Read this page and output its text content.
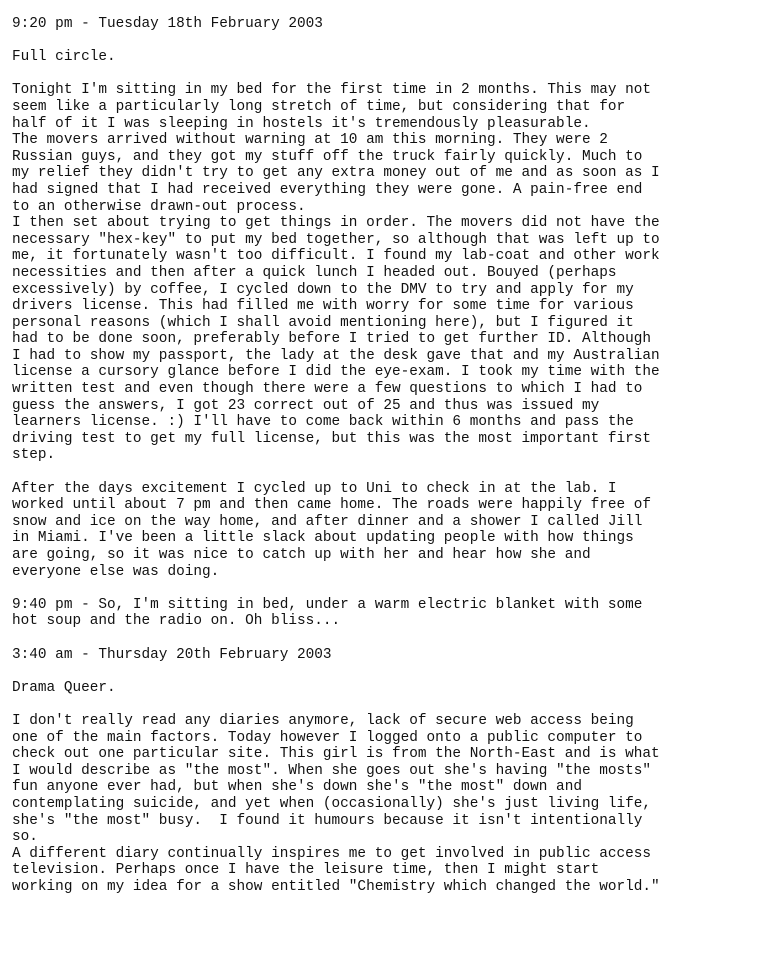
9:20 pm - Tuesday 18th February 2003
Full circle.
Tonight I'm sitting in my bed for the first time in 2 months. This may not
seem like a particularly long stretch of time, but considering that for
half of it I was sleeping in hostels it's tremendously pleasurable.
The movers arrived without warning at 10 am this morning. They were 2
Russian guys, and they got my stuff off the truck fairly quickly. Much to
my relief they didn't try to get any extra money out of me and as soon as I
had signed that I had received everything they were gone. A pain-free end
to an otherwise drawn-out process.
I then set about trying to get things in order. The movers did not have the
necessary "hex-key" to put my bed together, so although that was left up to
me, it fortunately wasn't too difficult. I found my lab-coat and other work
necessities and then after a quick lunch I headed out. Bouyed (perhaps
excessively) by coffee, I cycled down to the DMV to try and apply for my
drivers license. This had filled me with worry for some time for various
personal reasons (which I shall avoid mentioning here), but I figured it
had to be done soon, preferably before I tried to get further ID. Although
I had to show my passport, the lady at the desk gave that and my Australian
license a cursory glance before I did the eye-exam. I took my time with the
written test and even though there were a few questions to which I had to
guess the answers, I got 23 correct out of 25 and thus was issued my
learners license. :) I'll have to come back within 6 months and pass the
driving test to get my full license, but this was the most important first
step.
After the days excitement I cycled up to Uni to check in at the lab. I
worked until about 7 pm and then came home. The roads were happily free of
snow and ice on the way home, and after dinner and a shower I called Jill
in Miami. I've been a little slack about updating people with how things
are going, so it was nice to catch up with her and hear how she and
everyone else was doing.
9:40 pm - So, I'm sitting in bed, under a warm electric blanket with some
hot soup and the radio on. Oh bliss...
3:40 am - Thursday 20th February 2003
Drama Queer.
I don't really read any diaries anymore, lack of secure web access being
one of the main factors. Today however I logged onto a public computer to
check out one particular site. This girl is from the North-East and is what
I would describe as "the most". When she goes out she's having "the mosts"
fun anyone ever had, but when she's down she's "the most" down and
contemplating suicide, and yet when (occasionally) she's just living life,
she's "the most" busy.  I found it humours because it isn't intentionally
so.
A different diary continually inspires me to get involved in public access
television. Perhaps once I have the leisure time, then I might start
working on my idea for a show entitled "Chemistry which changed the world."
